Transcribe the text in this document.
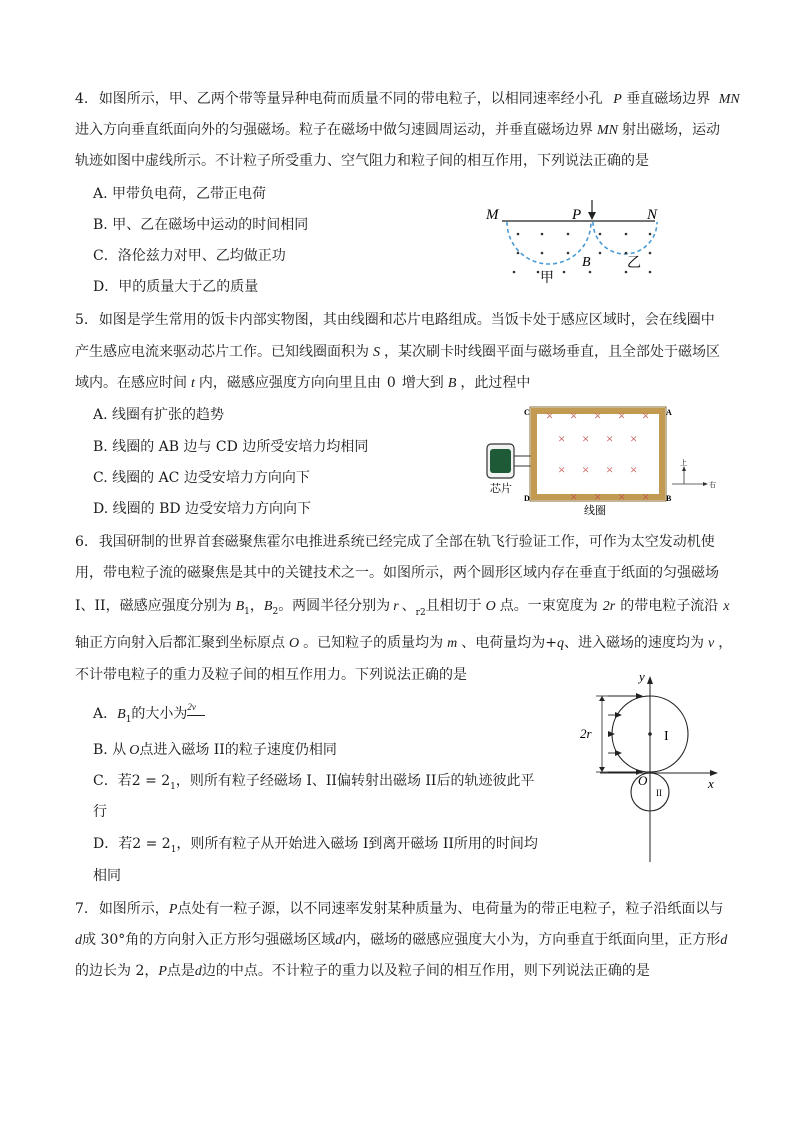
4. 如图所示，甲、乙两个带等量异种电荷而质量不同的带电粒子，以相同速率经小孔 P 垂直磁场边界 MN
进入方向垂直纸面向外的匀强磁场。粒子在磁场中做匀速圆周运动，并垂直磁场边界 MN 射出磁场，运动
轨迹如图中虚线所示。不计粒子所受重力、空气阻力和粒子间的相互作用，下列说法正确的是
A. 甲带负电荷，乙带正电荷
B. 甲、乙在磁场中运动的时间相同
C．洛伦兹力对甲、乙均做正功
D．甲的质量大于乙的质量
M	P	N
B
甲
乙
5. 如图是学生常用的饭卡内部实物图，其由线圈和芯片电路组成。当饭卡处于感应区域时，会在线圈中
产生感应电流来驱动芯片工作。已知线圈面积为 S ，某次刷卡时线圈平面与磁场垂直，且全部处于磁场区
域内。在感应时间 t 内，磁感应强度方向向里且由 0 增大到 B ，此过程中
A. 线圈有扩张的趋势
B. 线圈的 AB 边与 CD 边所受安培力均相同
C. 线圈的 AC 边受安培力方向向下
D. 线圈的 BD 边受安培力方向向下
× × × × ×
× × × ×
× × × ×
× × × ×
C	A
D	B
芯片
线圈
上
右
6. 我国研制的世界首套磁聚焦霍尔电推进系统已经完成了全部在轨飞行验证工作，可作为太空发动机使
用，带电粒子流的磁聚焦是其中的关键技术之一。如图所示，两个圆形区域内存在垂直于纸面的匀强磁场
I、II，磁感应强度分别为 $B_1$，$B_2$。两圆半径分别为 r 、$_{r2}$且相切于 O 点。一束宽度为 2r 的带电粒子流沿 x
轴正方向射入后都汇聚到坐标原点 O 。已知粒子的质量均为 m 、电荷量均为+q、进入磁场的速度均为 v ，
不计带电粒子的重力及粒子间的相互作用力。下列说法正确的是
A．$B_1$的大小为 2v
B. 从 O点进入磁场 II的粒子速度仍相同
C．若$2 = 2_1$，则所有粒子经磁场 I、II偏转射出磁场 II后的轨迹彼此平
行
D．若$2 = 2_1$，则所有粒子从开始进入磁场 I到离开磁场 II所用的时间均
相同
y
x
O
I
II
2r
7. 如图所示，P点处有一粒子源，以不同速率发射某种质量为、电荷量为的带正电粒子，粒子沿纸面以与
d成 30°角的方向射入正方形匀强磁场区域d内，磁场的磁感应强度大小为，方向垂直于纸面向里，正方形d
的边长为 2，P点是d边的中点。不计粒子的重力以及粒子间的相互作用，则下列说法正确的是
